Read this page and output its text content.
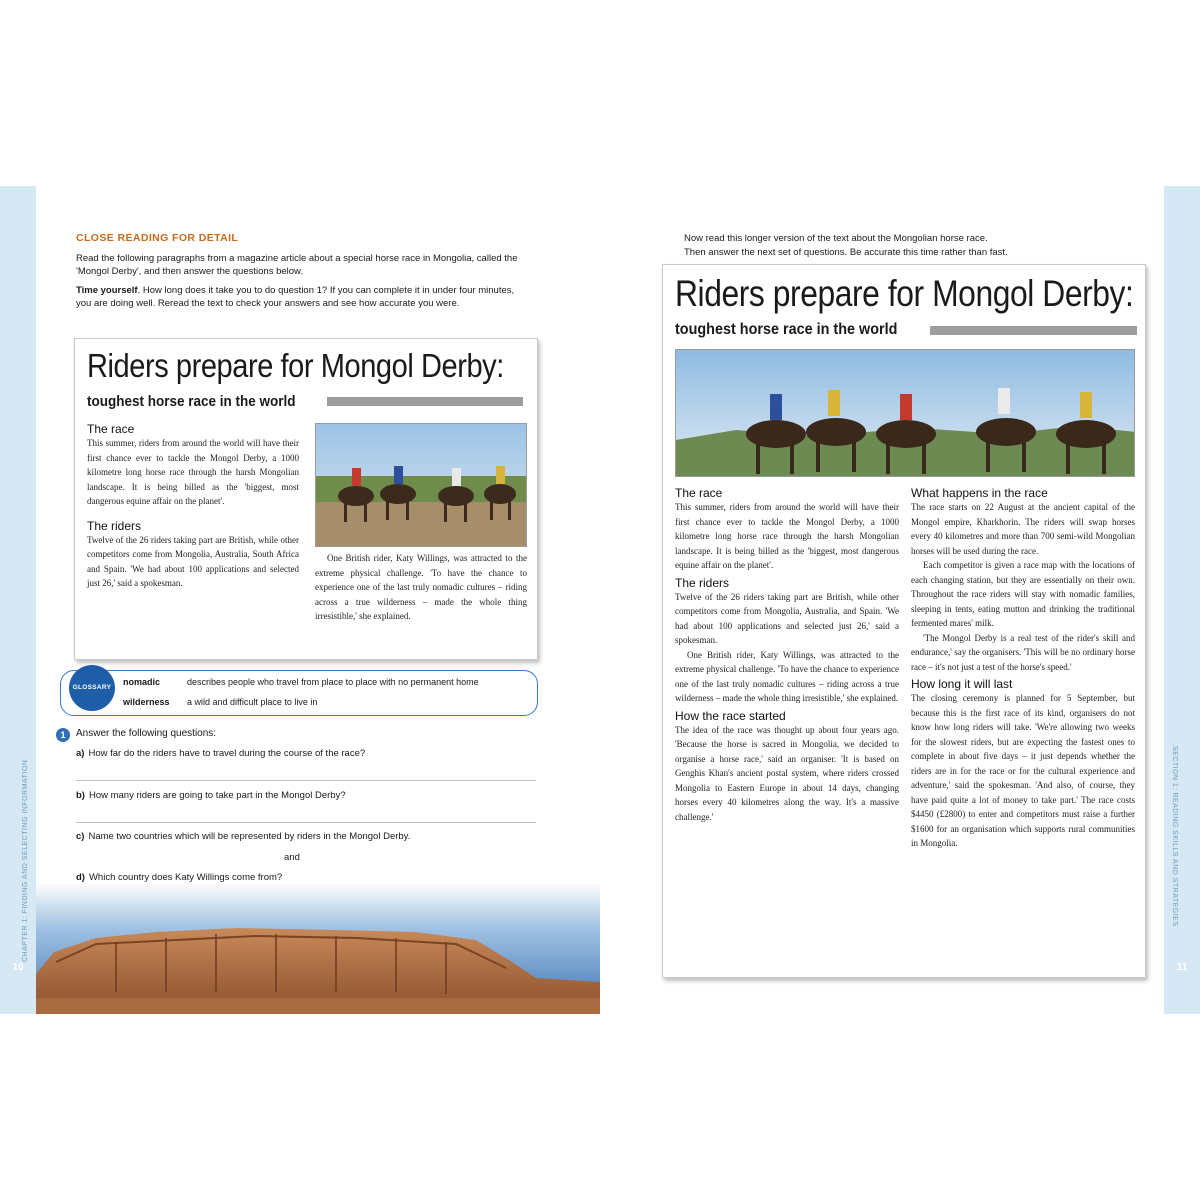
CHAPTER 1: FINDING AND SELECTING INFORMATION
10
CLOSE READING FOR DETAIL

Read the following paragraphs from a magazine article about a special horse race in Mongolia, called the 'Mongol Derby', and then answer the questions below.

Time yourself. How long does it take you to do question 1? If you can complete it in under four minutes, you are doing well. Reread the text to check your answers and see how accurate you were.

Riders prepare for Mongol Derby:
toughest horse race in the world
The race
This summer, riders from around the world will have their first chance ever to tackle the Mongol Derby, a 1000 kilometre long horse race through the harsh Mongolian landscape. It is being billed as the 'biggest, most dangerous equine affair on the planet'.
The riders
Twelve of the 26 riders taking part are British, while other competitors come from Mongolia, Australia, South Africa and Spain. 'We had about 100 applications and selected just 26,' said a spokesman.
One British rider, Katy Willings, was attracted to the extreme physical challenge. 'To have the chance to experience one of the last truly nomadic cultures – riding across a true wilderness – made the whole thing irresistible,' she explained.
GLOSSARY
nomadic	describes people who travel from place to place with no permanent home
wilderness a wild and difficult place to live in
1	Answer the following questions:
a) How far do the riders have to travel during the course of the race?
b) How many riders are going to take part in the Mongol Derby?
c) Name two countries which will be represented by riders in the Mongol Derby.
and
d) Which country does Katy Willings come from?
Now read this longer version of the text about the Mongolian horse race.
Then answer the next set of questions. Be accurate this time rather than fast.
Riders prepare for Mongol Derby:
toughest horse race in the world
The race
This summer, riders from around the world will have their first chance ever to tackle the Mongol Derby, a 1000 kilometre long horse race through the harsh Mongolian landscape. It is being billed as the 'biggest, most dangerous equine affair on the planet'.
The riders
Twelve of the 26 riders taking part are British, while other competitors come from Mongolia, Australia, and Spain. 'We had about 100 applications and selected just 26,' said a spokesman.
One British rider, Katy Willings, was attracted to the extreme physical challenge. 'To have the chance to experience one of the last truly nomadic cultures – riding across a true wilderness – made the whole thing irresistible,' she explained.
How the race started
The idea of the race was thought up about four years ago. 'Because the horse is sacred in Mongolia, we decided to organise a horse race,' said an organiser. 'It is based on Genghis Khan's ancient postal system, where riders crossed Mongolia to Eastern Europe in about 14 days, changing horses every 40 kilometres along the way. It's a massive challenge.'
What happens in the race
The race starts on 22 August at the ancient capital of the Mongol empire, Kharkhorin. The riders will swap horses every 40 kilometres and more than 700 semi-wild Mongolian horses will be used during the race.
Each competitor is given a race map with the locations of each changing station, but they are essentially on their own. Throughout the race riders will stay with nomadic families, sleeping in tents, eating mutton and drinking the traditional fermented mares' milk.
'The Mongol Derby is a real test of the rider's skill and endurance,' say the organisers. 'This will be no ordinary horse race – it's not just a test of the horse's speed.'
How long it will last
The closing ceremony is planned for 5 September, but because this is the first race of its kind, organisers do not know how long riders will take. 'We're allowing two weeks for the slowest riders, but are expecting the fastest ones to complete in about five days – it just depends whether the riders are in for the race or for the cultural experience and adventure,' said the spokesman. 'And also, of course, they have paid quite a lot of money to take part.' The race costs $4450 (£2800) to enter and competitors must raise a further $1600 for an organisation which supports rural communities in Mongolia.	SECTION 1: READING SKILLS AND STRATEGIES
11
